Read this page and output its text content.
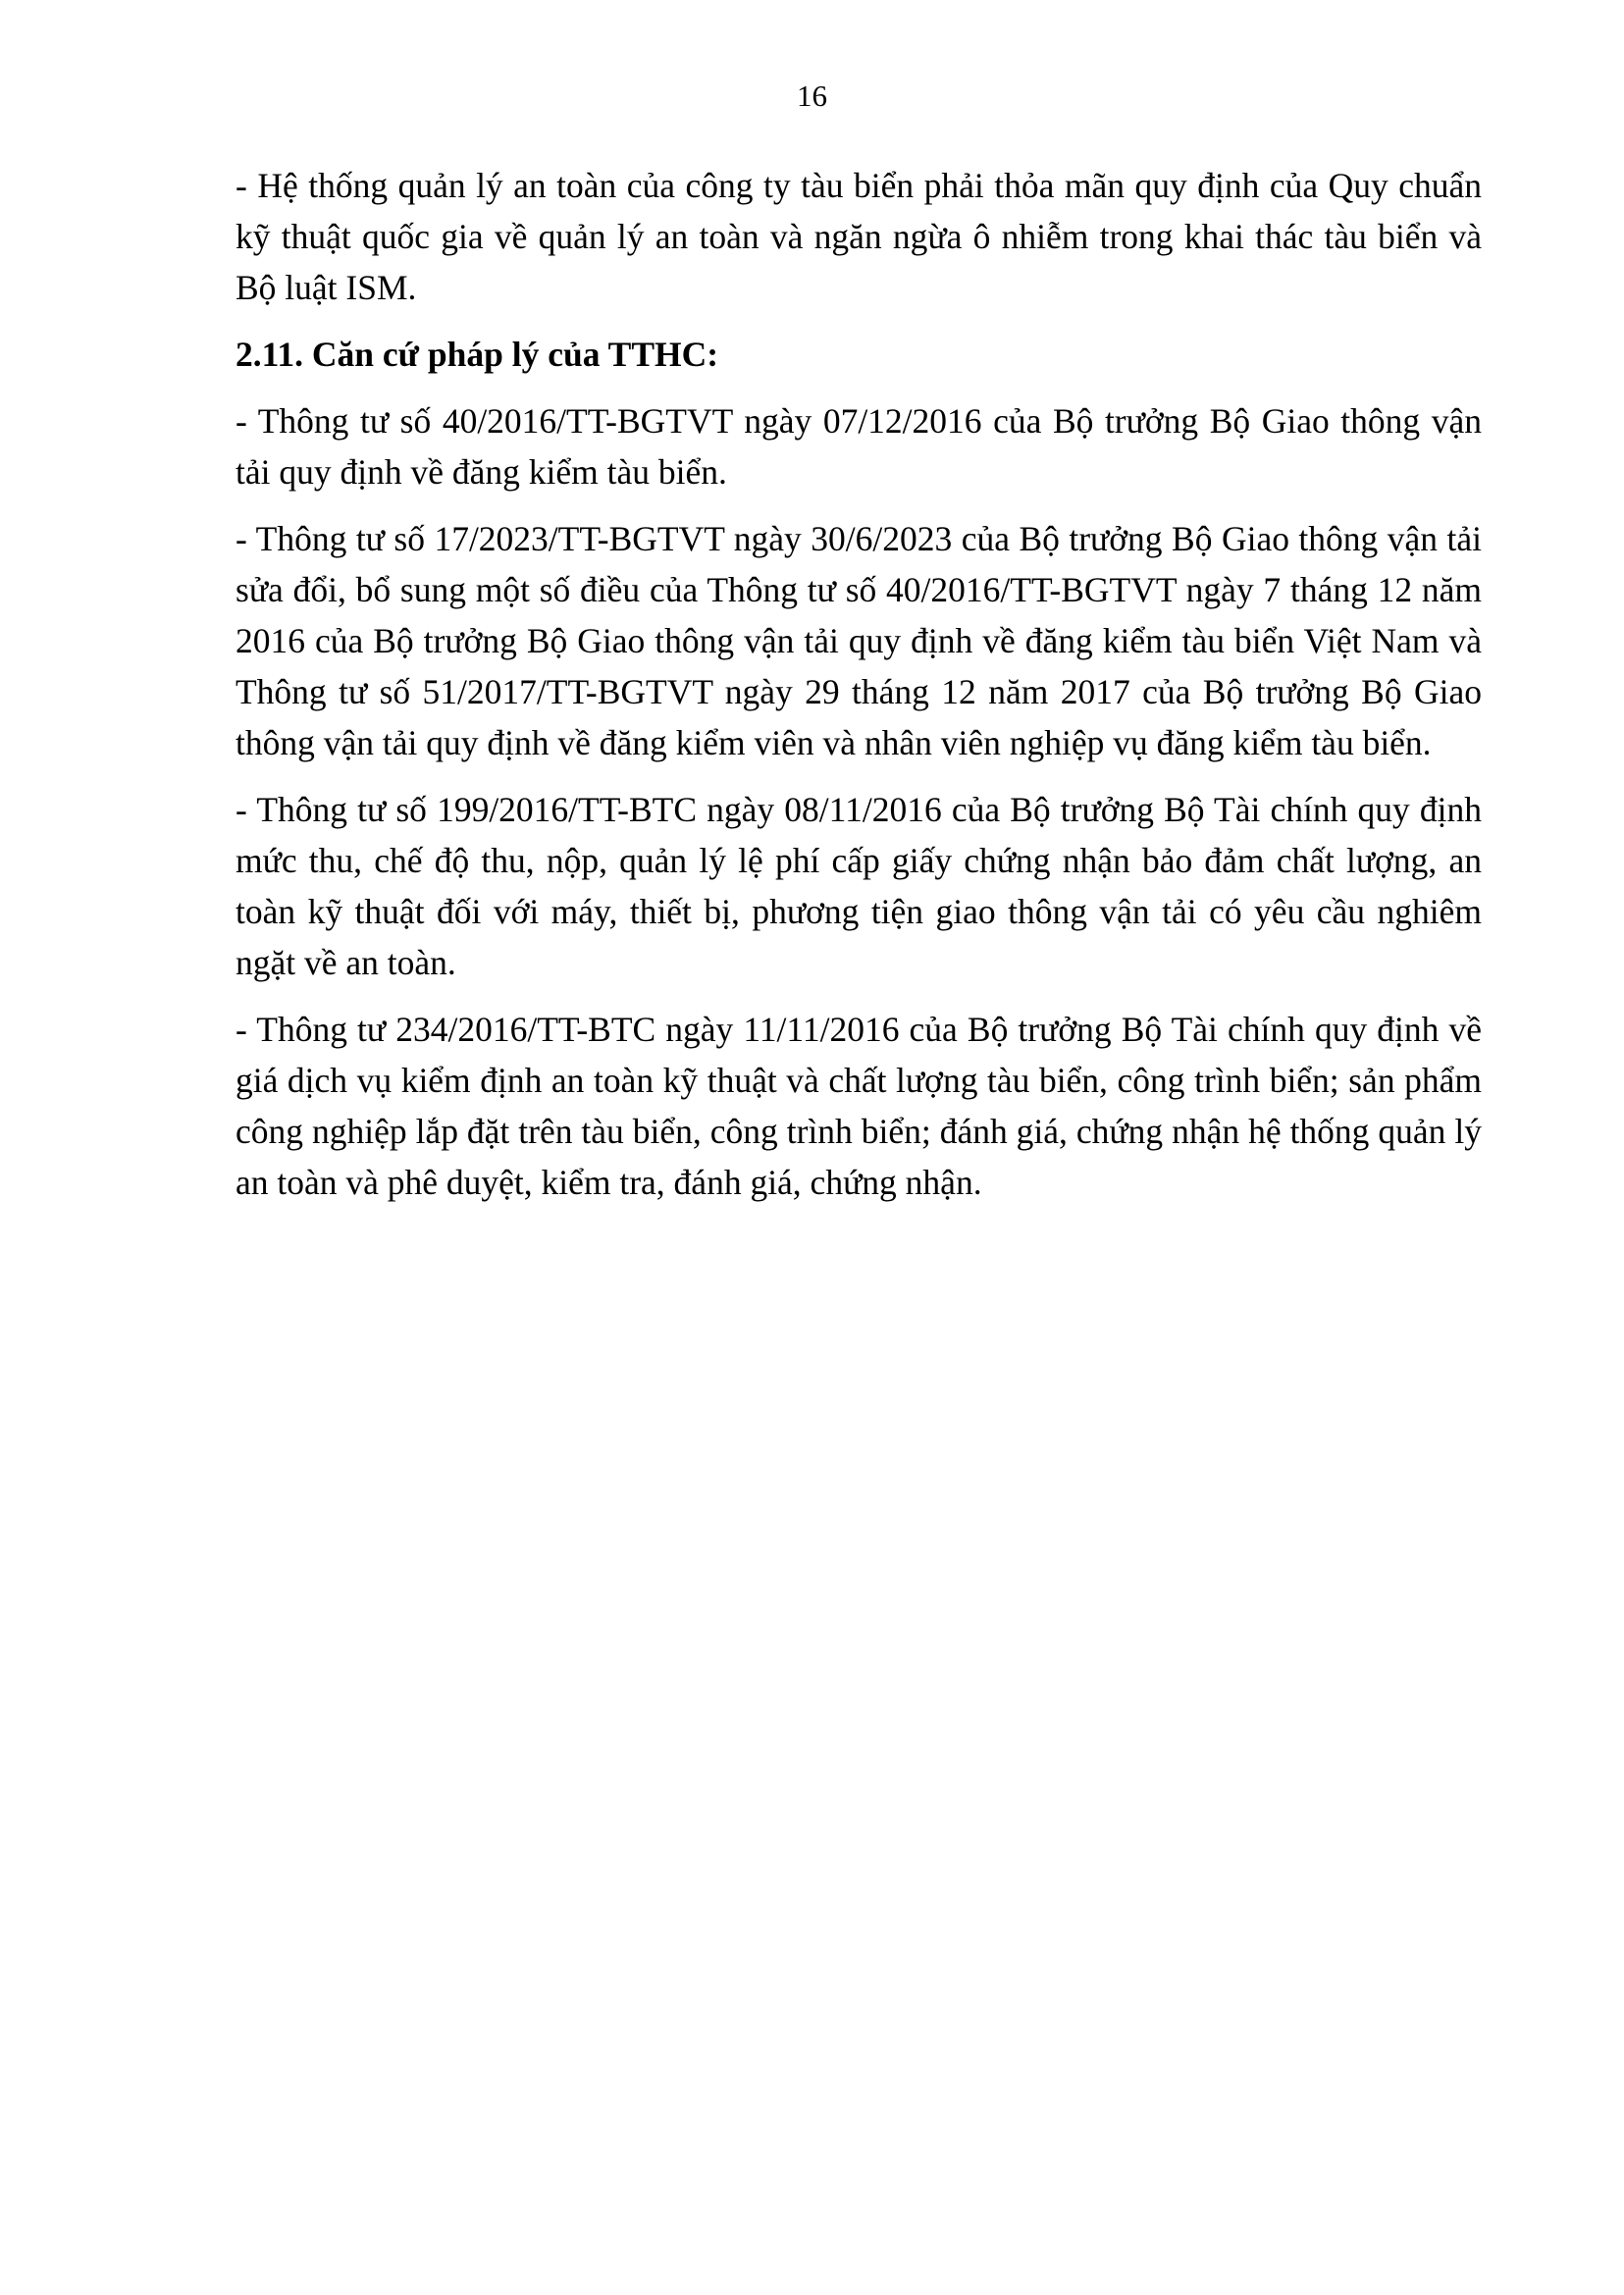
16

- Hệ thống quản lý an toàn của công ty tàu biển phải thỏa mãn quy định của Quy chuẩn kỹ thuật quốc gia về quản lý an toàn và ngăn ngừa ô nhiễm trong khai thác tàu biển và Bộ luật ISM.

2.11. Căn cứ pháp lý của TTHC:

- Thông tư số 40/2016/TT-BGTVT ngày 07/12/2016 của Bộ trưởng Bộ Giao thông vận tải quy định về đăng kiểm tàu biển.

- Thông tư số 17/2023/TT-BGTVT ngày 30/6/2023 của Bộ trưởng Bộ Giao thông vận tải sửa đổi, bổ sung một số điều của Thông tư số 40/2016/TT-BGTVT ngày 7 tháng 12 năm 2016 của Bộ trưởng Bộ Giao thông vận tải quy định về đăng kiểm tàu biển Việt Nam và Thông tư số 51/2017/TT-BGTVT ngày 29 tháng 12 năm 2017 của Bộ trưởng Bộ Giao thông vận tải quy định về đăng kiểm viên và nhân viên nghiệp vụ đăng kiểm tàu biển.

- Thông tư số 199/2016/TT-BTC ngày 08/11/2016 của Bộ trưởng Bộ Tài chính quy định mức thu, chế độ thu, nộp, quản lý lệ phí cấp giấy chứng nhận bảo đảm chất lượng, an toàn kỹ thuật đối với máy, thiết bị, phương tiện giao thông vận tải có yêu cầu nghiêm ngặt về an toàn.

- Thông tư 234/2016/TT-BTC ngày 11/11/2016 của Bộ trưởng Bộ Tài chính quy định về giá dịch vụ kiểm định an toàn kỹ thuật và chất lượng tàu biển, công trình biển; sản phẩm công nghiệp lắp đặt trên tàu biển, công trình biển; đánh giá, chứng nhận hệ thống quản lý an toàn và phê duyệt, kiểm tra, đánh giá, chứng nhận.
